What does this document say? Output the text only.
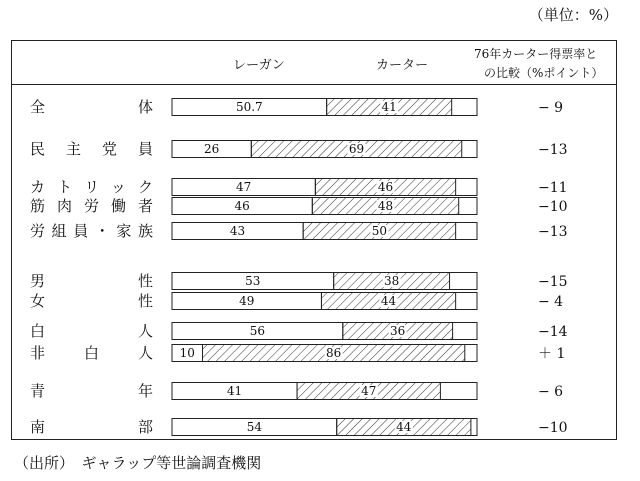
（単位：%）
レーガン	カーター
76年カーター得票率と
の比較（%ポイント）
全　　　　体	50.7	41	− 9
民主党員	26	69	−13
カトリック	47	46	−11
筋肉労働者	46	48	−10
労組員・家族	43	50	−13
男　　　　性	53	38	−15
女　　　　性	49	44	− 4
白　　　　人	56	36	−14
非　白　人 10	86	＋ 1
青　　　　年	41	47	− 6
南　　　　部	54	44	−10
（出所）　ギャラップ等世論調査機関
